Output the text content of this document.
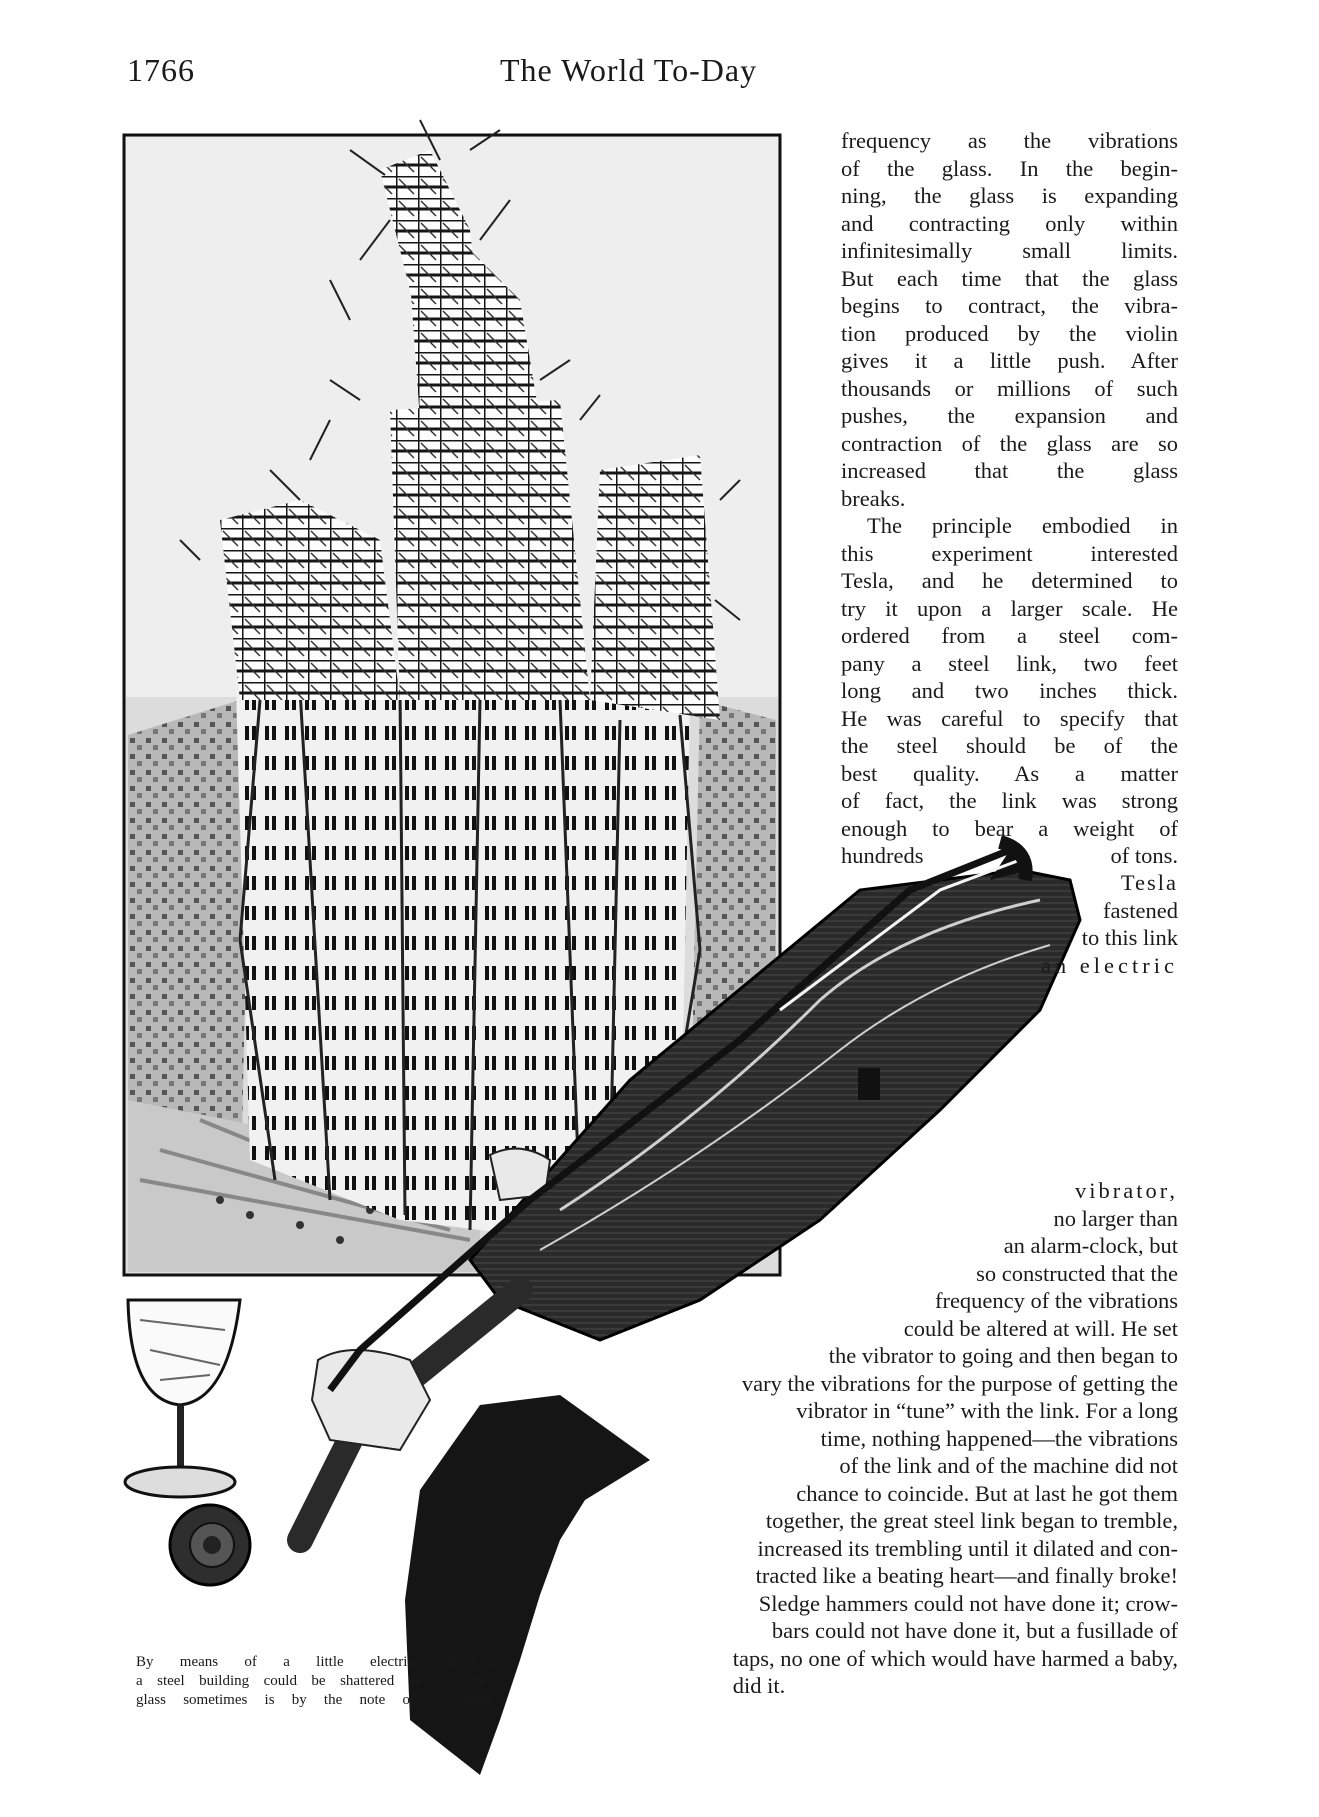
1766	The World To-Day
frequency as the vibrations
of the glass. In the begin-
ning, the glass is expanding
and contracting only within
infinitesimally small limits.
But each time that the glass
begins to contract, the vibra-
tion produced by the violin
gives it a little push. After
thousands or millions of such
pushes, the expansion and
contraction of the glass are so
increased that the glass
breaks.
The principle embodied in
this experiment interested
Tesla, and he determined to
try it upon a larger scale. He
ordered from a steel com-
pany a steel link, two feet
long and two inches thick.
He was careful to specify that
the steel should be of the
best quality. As a matter
of fact, the link was strong
enough to bear a weight of
hundreds	of tons.
Tesla
fastened
to this link
an electric
vibrator,
no larger than
an alarm-clock, but
so constructed that the
frequency of the vibrations
could be altered at will. He set
the vibrator to going and then began to
vary the vibrations for the purpose of getting the
vibrator in “tune” with the link. For a long
time, nothing happened—the vibrations
of the link and of the machine did not
chance to coincide. But at last he got them
together, the great steel link began to tremble,
increased its trembling until it dilated and con-
tracted like a beating heart—and finally broke!
Sledge hammers could not have done it; crow-
bars could not have done it, but a fusillade of
taps, no one of which would have harmed a baby,
did it.
By means of a little electric vibrator,
a steel building could be shattered as a wine-
glass sometimes is by the note of a violin
